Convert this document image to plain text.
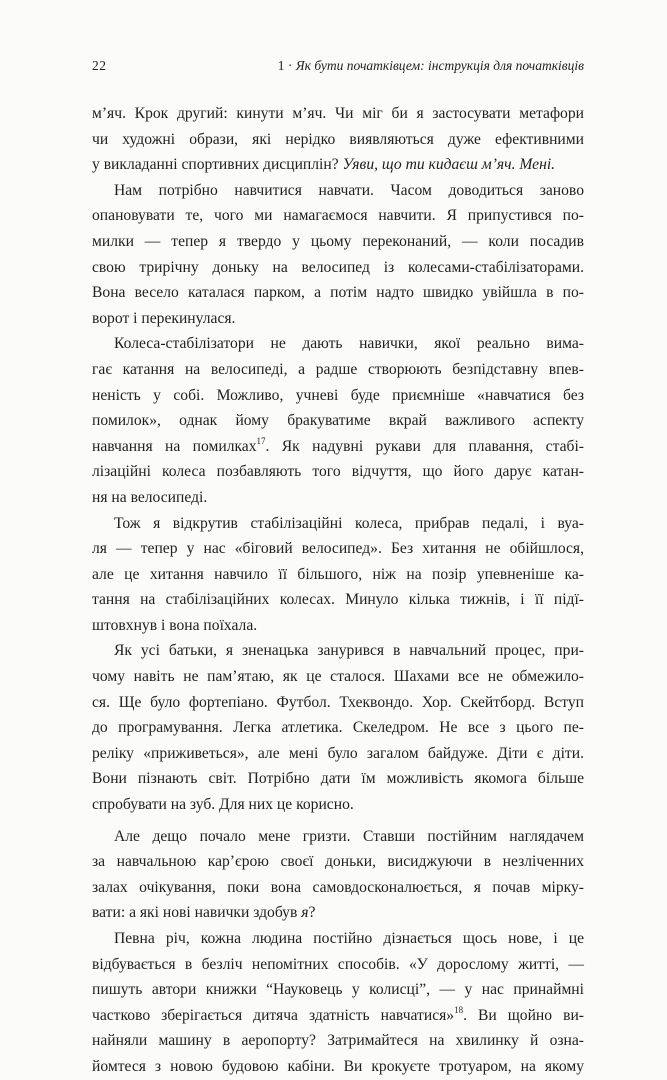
22	1 · Як бути початківцем: інструкція для початківців
м’яч. Крок другий: кинути м’яч. Чи міг би я застосувати метафори
чи художні образи, які нерідко виявляються дуже ефективними
у викладанні спортивних дисциплін? Уяви, що ти кидаєш м’яч. Мені.
Нам потрібно навчитися навчати. Часом доводиться заново
опановувати те, чого ми намагаємося навчити. Я припустився по-
милки — тепер я твердо у цьому переконаний, — коли посадив
свою трирічну доньку на велосипед із колесами-стабілізаторами.
Вона весело каталася парком, а потім надто швидко увійшла в по-
ворот і перекинулася.
Колеса-стабілізатори не дають навички, якої реально вима-
гає катання на велосипеді, а радше створюють безпідставну впев-
неність у собі. Можливо, учневі буде приємніше «навчатися без
помилок», однак йому бракуватиме вкрай важливого аспекту
навчання на помилках$^{17}$. Як надувні рукави для плавання, стабі-
лізаційні колеса позбавляють того відчуття, що його дарує катан-
ня на велосипеді.
Тож я відкрутив стабілізаційні колеса, прибрав педалі, і вуа-
ля — тепер у нас «біговий велосипед». Без хитання не обійшлося,
але це хитання навчило її більшого, ніж на позір упевненіше ка-
тання на стабілізаційних колесах. Минуло кілька тижнів, і її підї-
штовхнув і вона поїхала.
Як усі батьки, я зненацька занурився в навчальний процес, при-
чому навіть не пам’ятаю, як це сталося. Шахами все не обмежило-
ся. Ще було фортепіано. Футбол. Тхеквондо. Хор. Скейтборд. Вступ
до програмування. Легка атлетика. Скеледром. Не все з цього пе-
реліку «приживеться», але мені було загалом байдуже. Діти є діти.
Вони пізнають світ. Потрібно дати їм можливість якомога більше
спробувати на зуб. Для них це корисно.
Але дещо почало мене гризти. Ставши постійним наглядачем
за навчальною кар’єрою своєї доньки, висиджуючи в незліченних
залах очікування, поки вона самовдосконалюється, я почав мірку-
вати: а які нові навички здобув я?
Певна річ, кожна людина постійно дізнається щось нове, і це
відбувається в безліч непомітних способів. «У дорослому житті, —
пишуть автори книжки “Науковець у колисці”, — у нас принаймні
частково зберігається дитяча здатність навчатися»$^{18}$. Ви щойно ви-
найняли машину в аеропорту? Затримайтеся на хвилинку й озна-
йомтеся з новою будовою кабіни. Ви крокуєте тротуаром, на якому
